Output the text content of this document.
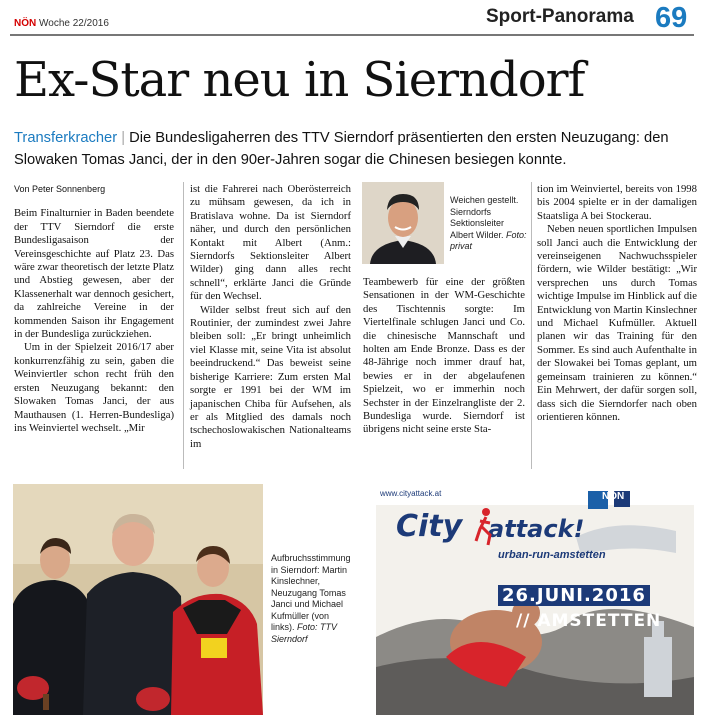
NÖN Woche 22/2016	Sport-Panorama 69
Ex-Star neu in Sierndorf
Transferkracher | Die Bundesligaherren des TTV Sierndorf präsentierten den ersten Neuzugang: den Slowaken Tomas Janci, der in den 90er-Jahren sogar die Chinesen besiegen konnte.

Von Peter Sonnenberg

Beim Finalturnier in Baden beendete der TTV Sierndorf die erste Bundesligasaison der Vereinsgeschichte auf Platz 23. Das wäre zwar theoretisch der letzte Platz und Abstieg gewesen, aber der Klassenerhalt war dennoch gesichert, da zahlreiche Vereine in der kommenden Saison ihr Engagement in der Bundesliga zurückziehen.

Um in der Spielzeit 2016/17 aber konkurrenzfähig zu sein, gaben die Weinviertler schon recht früh den ersten Neuzugang bekannt: den Slowaken Tomas Janci, der aus Mauthausen (1. Herren-Bundesliga) ins Weinviertel wechselt. „Mir

ist die Fahrerei nach Oberösterreich zu mühsam gewesen, da ich in Bratislava wohne. Da ist Sierndorf näher, und durch den persönlichen Kontakt mit Albert (Anm.: Sierndorfs Sektionsleiter Albert Wilder) ging dann alles recht schnell“, erklärte Janci die Gründe für den Wechsel.

Wilder selbst freut sich auf den Routinier, der zumindest zwei Jahre bleiben soll: „Er bringt unheimlich viel Klasse mit, seine Vita ist absolut beeindruckend.“ Das beweist seine bisherige Karriere: Zum ersten Mal sorgte er 1991 bei der WM im japanischen Chiba für Aufsehen, als er als Mitglied des damals noch tschechoslowakischen Nationalteams im

Weichen gestellt. Sierndorfs Sektionsleiter Albert Wilder. Foto: privat

Teambewerb für eine der größten Sensationen in der WM-Geschichte des Tischtennis sorgte: Im Viertelfinale schlugen Janci und Co. die chinesische Mannschaft und holten am Ende Bronze. Dass es der 48-Jährige noch immer drauf hat, bewies er in der abgelaufenen Spielzeit, wo er immerhin noch Sechster in der Einzelrangliste der 2. Bundesliga wurde. Sierndorf ist übrigens nicht seine erste Sta-

tion im Weinviertel, bereits von 1998 bis 2004 spielte er in der damaligen Staatsliga A bei Stockerau.

Neben neuen sportlichen Impulsen soll Janci auch die Entwicklung der vereinseigenen Nachwuchsspieler fördern, wie Wilder bestätigt: „Wir versprechen uns durch Tomas wichtige Impulse im Hinblick auf die Entwicklung von Martin Kinslechner und Michael Kufmüller. Aktuell planen wir das Training für den Sommer. Es sind auch Aufenthalte in der Slowakei bei Tomas geplant, um gemeinsam trainieren zu können.“ Ein Mehrwert, der dafür sorgen soll, dass sich die Sierndorfer nach oben orientieren können.

Aufbruchsstimmung in Sierndorf: Martin Kinslechner, Neuzugang Tomas Janci und Michael Kufmüller (von links). Foto: TTV Sierndorf
www.cityattack.at	NÖN
City attack!
urban-run-amstetten
26.JUNI.2016
// AMSTETTEN
